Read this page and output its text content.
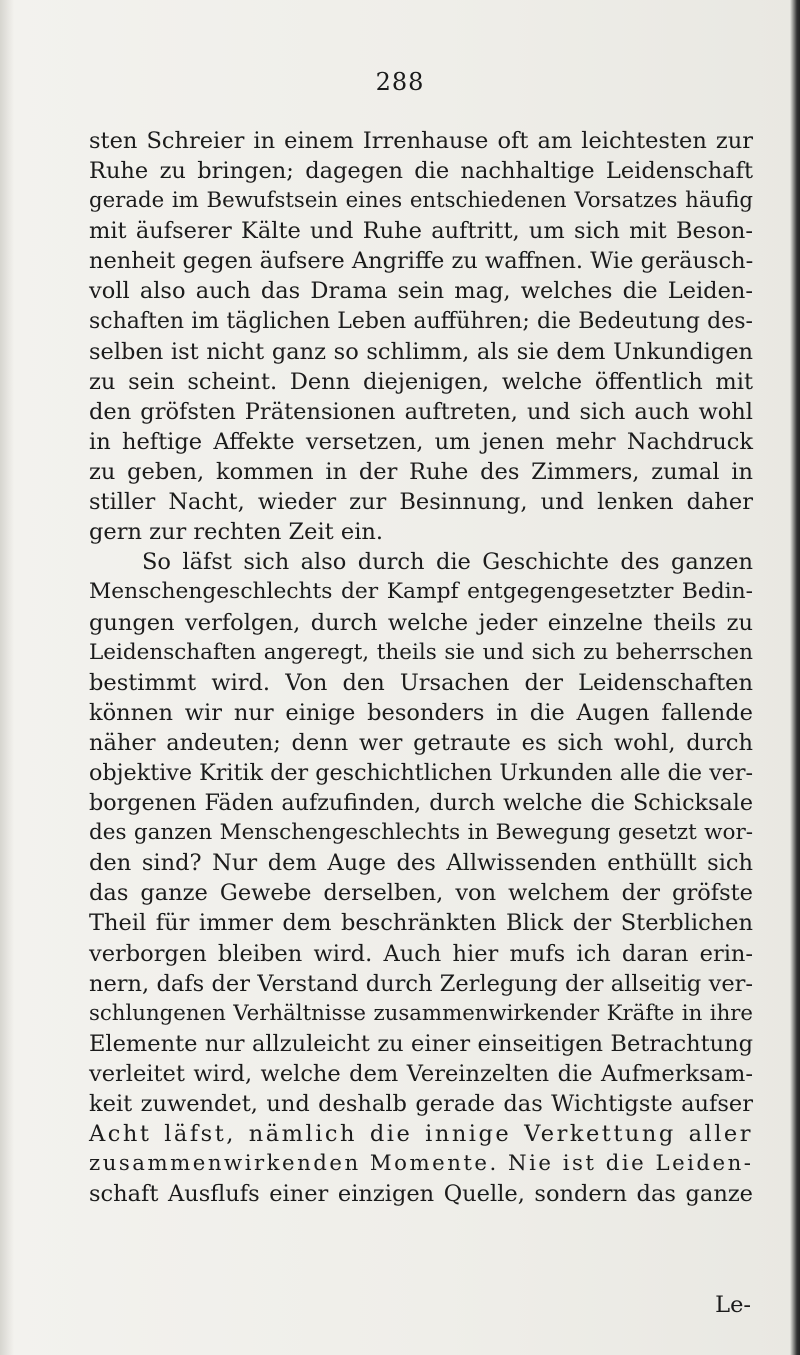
288
sten Schreier in einem Irrenhause oft am leichtesten zur
Ruhe zu bringen; dagegen die nachhaltige Leidenschaft
gerade im Bewufstsein eines entschiedenen Vorsatzes häufig
mit äufserer Kälte und Ruhe auftritt, um sich mit Beson-
nenheit gegen äufsere Angriffe zu waffnen. Wie geräusch-
voll also auch das Drama sein mag, welches die Leiden-
schaften im täglichen Leben aufführen; die Bedeutung des-
selben ist nicht ganz so schlimm, als sie dem Unkundigen
zu sein scheint. Denn diejenigen, welche öffentlich mit
den gröfsten Prätensionen auftreten, und sich auch wohl
in heftige Affekte versetzen, um jenen mehr Nachdruck
zu geben, kommen in der Ruhe des Zimmers, zumal in
stiller Nacht, wieder zur Besinnung, und lenken daher
gern zur rechten Zeit ein.
So läfst sich also durch die Geschichte des ganzen
Menschengeschlechts der Kampf entgegengesetzter Bedin-
gungen verfolgen, durch welche jeder einzelne theils zu
Leidenschaften angeregt, theils sie und sich zu beherrschen
bestimmt wird. Von den Ursachen der Leidenschaften
können wir nur einige besonders in die Augen fallende
näher andeuten; denn wer getraute es sich wohl, durch
objektive Kritik der geschichtlichen Urkunden alle die ver-
borgenen Fäden aufzufinden, durch welche die Schicksale
des ganzen Menschengeschlechts in Bewegung gesetzt wor-
den sind? Nur dem Auge des Allwissenden enthüllt sich
das ganze Gewebe derselben, von welchem der gröfste
Theil für immer dem beschränkten Blick der Sterblichen
verborgen bleiben wird. Auch hier mufs ich daran erin-
nern, dafs der Verstand durch Zerlegung der allseitig ver-
schlungenen Verhältnisse zusammenwirkender Kräfte in ihre
Elemente nur allzuleicht zu einer einseitigen Betrachtung
verleitet wird, welche dem Vereinzelten die Aufmerksam-
keit zuwendet, und deshalb gerade das Wichtigste aufser
Acht läfst, nämlich die innige Verkettung aller
zusammenwirkenden Momente. Nie ist die Leiden-
schaft Ausflufs einer einzigen Quelle, sondern das ganze
Le-
